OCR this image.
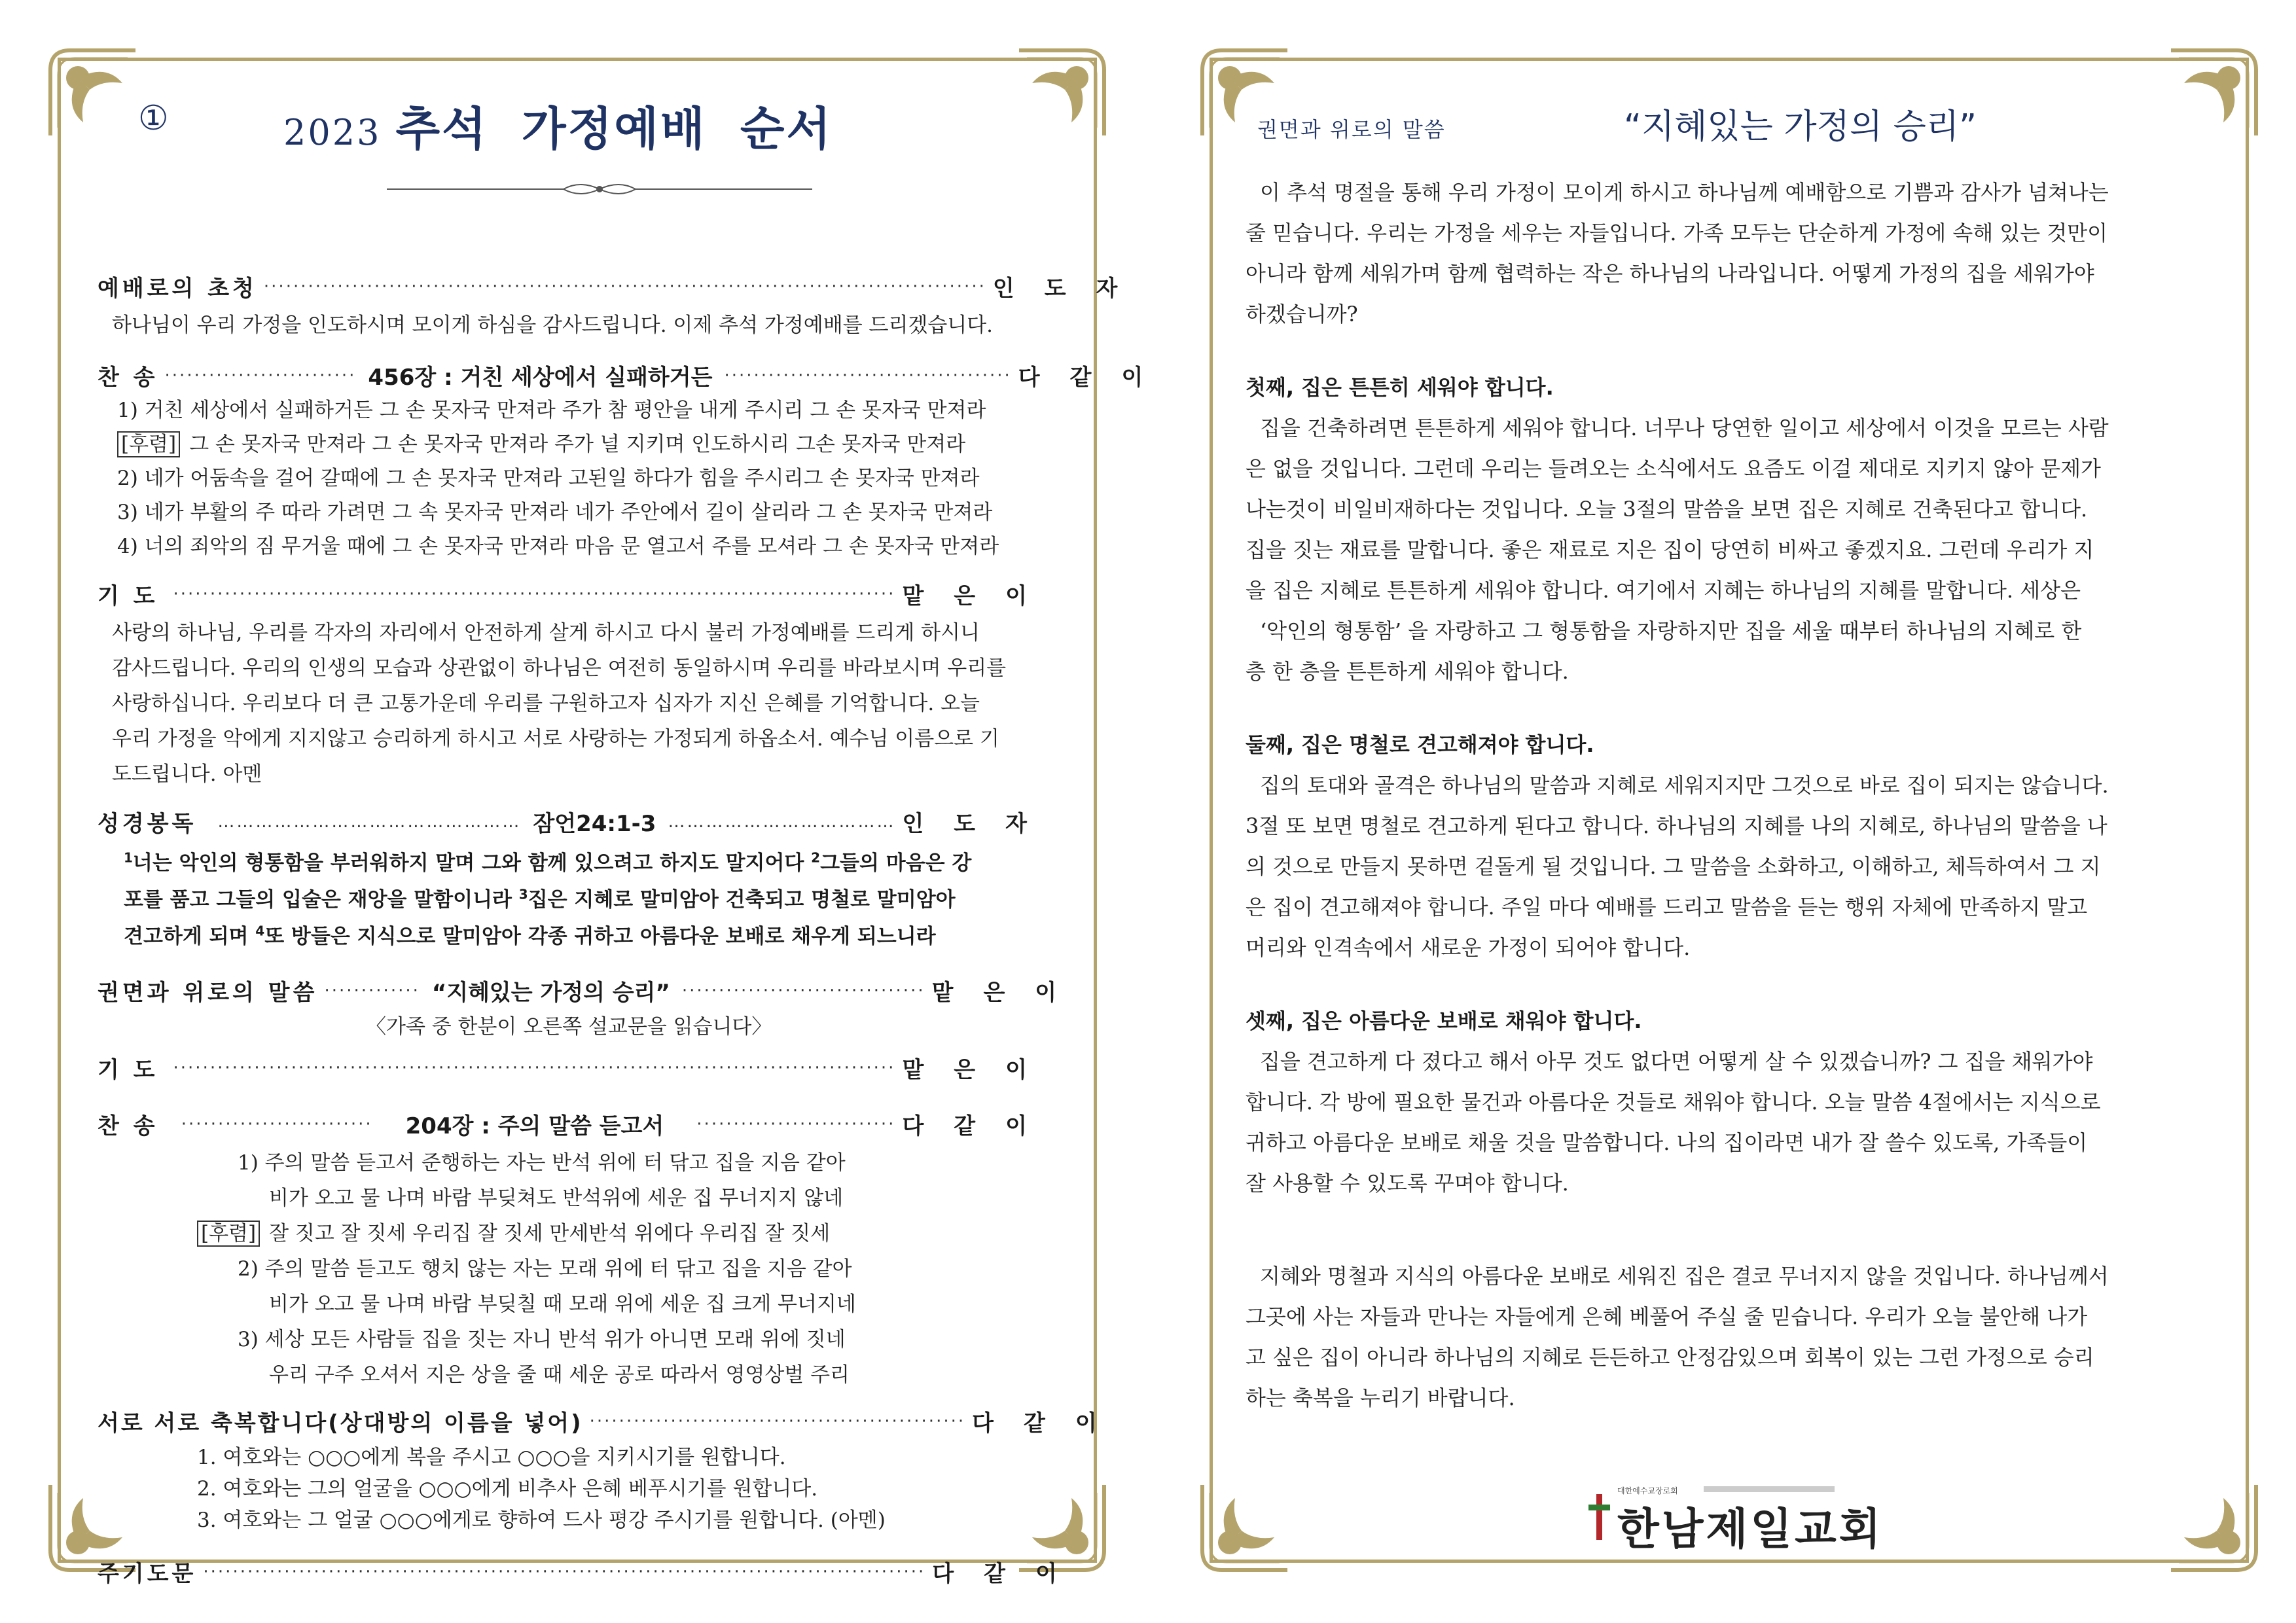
①	2023 추석 가정예배 순서
예배로의 초청 ·································································································· 인도자
하나님이 우리 가정을 인도하시며 모이게 하심을 감사드립니다. 이제 추석 가정예배를 드리겠습니다.
찬 송 ·························· 456장 : 거친 세상에서 실패하거든 ······································· 다같이
1) 거친 세상에서 실패하거든 그 손 못자국 만져라 주가 참 평안을 내게 주시리 그 손 못자국 만져라
[후렴] 그 손 못자국 만져라 그 손 못자국 만져라 주가 널 지키며 인도하시리 그손 못자국 만져라
2) 네가 어둠속을 걸어 갈때에 그 손 못자국 만져라 고된일 하다가 힘을 주시리그 손 못자국 만져라
3) 네가 부활의 주 따라 가려면 그 속 못자국 만져라 네가 주안에서 길이 살리라 그 손 못자국 만져라
4) 너의 죄악의 짐 무거울 때에 그 손 못자국 만져라 마음 문 열고서 주를 모셔라 그 손 못자국 만져라
기 도 ·································································································· 맡은이
사랑의 하나님, 우리를 각자의 자리에서 안전하게 살게 하시고 다시 불러 가정예배를 드리게 하시니
감사드립니다. 우리의 인생의 모습과 상관없이 하나님은 여전히 동일하시며 우리를 바라보시며 우리를
사랑하십니다. 우리보다 더 큰 고통가운데 우리를 구원하고자 십자가 지신 은혜를 기억합니다. 오늘
우리 가정을 악에게 지지않고 승리하게 하시고 서로 사랑하는 가정되게 하옵소서. 예수님 이름으로 기
도드립니다. 아멘
성경봉독	………………………………………… 잠언24:1-3 ……………………………… 인도자
$^1$너는 악인의 형통함을 부러워하지 말며 그와 함께 있으려고 하지도 말지어다 $^2$그들의 마음은 강
포를 품고 그들의 입술은 재앙을 말함이니라 $^3$집은 지혜로 말미암아 건축되고 명철로 말미암아
견고하게 되며 $^4$또 방들은 지식으로 말미암아 각종 귀하고 아름다운 보배로 채우게 되느니라
권면과 위로의 말씀 ············· “지혜있는 가정의 승리” ································· 맡은이
〈가족 중 한분이 오른쪽 설교문을 읽습니다〉
기 도 ·································································································· 맡은이
찬 송	·························· 204장 : 주의 말씀 듣고서 ··························· 다같이
1) 주의 말씀 듣고서 준행하는 자는 반석 위에 터 닦고 집을 지음 같아
비가 오고 물 나며 바람 부딪쳐도 반석위에 세운 집 무너지지 않네
[후렴] 잘 짓고 잘 짓세 우리집 잘 짓세 만세반석 위에다 우리집 잘 짓세
2) 주의 말씀 듣고도 행치 않는 자는 모래 위에 터 닦고 집을 지음 같아
비가 오고 물 나며 바람 부딪칠 때 모래 위에 세운 집 크게 무너지네
3) 세상 모든 사람들 집을 짓는 자니 반석 위가 아니면 모래 위에 짓네
우리 구주 오셔서 지은 상을 줄 때 세운 공로 따라서 영영상벌 주리
서로 서로 축복합니다(상대방의 이름을 넣어) ··················································· 다같이
1. 여호와는 ○○○에게 복을 주시고 ○○○을 지키시기를 원합니다.
2. 여호와는 그의 얼굴을 ○○○에게 비추사 은혜 베푸시기를 원합니다.
3. 여호와는 그 얼굴 ○○○에게로 향하여 드사 평강 주시기를 원합니다. (아멘)
주기도문 ·································································································· 다같이
권면과 위로의 말씀	“지혜있는 가정의 승리”

이 추석 명절을 통해 우리 가정이 모이게 하시고 하나님께 예배함으로 기쁨과 감사가 넘쳐나는

줄 믿습니다. 우리는 가정을 세우는 자들입니다. 가족 모두는 단순하게 가정에 속해 있는 것만이

아니라 함께 세워가며 함께 협력하는 작은 하나님의 나라입니다. 어떻게 가정의 집을 세워가야

하겠습니까?

첫째, 집은 튼튼히 세워야 합니다.

집을 건축하려면 튼튼하게 세워야 합니다. 너무나 당연한 일이고 세상에서 이것을 모르는 사람

은 없을 것입니다. 그런데 우리는 들려오는 소식에서도 요즘도 이걸 제대로 지키지 않아 문제가

나는것이 비일비재하다는 것입니다. 오늘 3절의 말씀을 보면 집은 지혜로 건축된다고 합니다.

집을 짓는 재료를 말합니다. 좋은 재료로 지은 집이 당연히 비싸고 좋겠지요. 그런데 우리가 지

을 집은 지혜로 튼튼하게 세워야 합니다. 여기에서 지혜는 하나님의 지혜를 말합니다. 세상은

‘악인의 형통함’ 을 자랑하고 그 형통함을 자랑하지만 집을 세울 때부터 하나님의 지혜로 한

층 한 층을 튼튼하게 세워야 합니다.

둘째, 집은 명철로 견고해져야 합니다.

집의 토대와 골격은 하나님의 말씀과 지혜로 세워지지만 그것으로 바로 집이 되지는 않습니다.

3절 또 보면 명철로 견고하게 된다고 합니다. 하나님의 지혜를 나의 지혜로, 하나님의 말씀을 나

의 것으로 만들지 못하면 겉돌게 될 것입니다. 그 말씀을 소화하고, 이해하고, 체득하여서 그 지

은 집이 견고해져야 합니다. 주일 마다 예배를 드리고 말씀을 듣는 행위 자체에 만족하지 말고

머리와 인격속에서 새로운 가정이 되어야 합니다.

셋째, 집은 아름다운 보배로 채워야 합니다.

집을 견고하게 다 졌다고 해서 아무 것도 없다면 어떻게 살 수 있겠습니까? 그 집을 채워가야

합니다. 각 방에 필요한 물건과 아름다운 것들로 채워야 합니다. 오늘 말씀 4절에서는 지식으로

귀하고 아름다운 보배로 채울 것을 말씀합니다. 나의 집이라면 내가 잘 쓸수 있도록, 가족들이

잘 사용할 수 있도록 꾸며야 합니다.

지혜와 명철과 지식의 아름다운 보배로 세워진 집은 결코 무너지지 않을 것입니다. 하나님께서

그곳에 사는 자들과 만나는 자들에게 은혜 베풀어 주실 줄 믿습니다. 우리가 오늘 불안해 나가

고 싶은 집이 아니라 하나님의 지혜로 든든하고 안정감있으며 회복이 있는 그런 가정으로 승리

하는 축복을 누리기 바랍니다.

대한예수교장로회
한남제일교회
